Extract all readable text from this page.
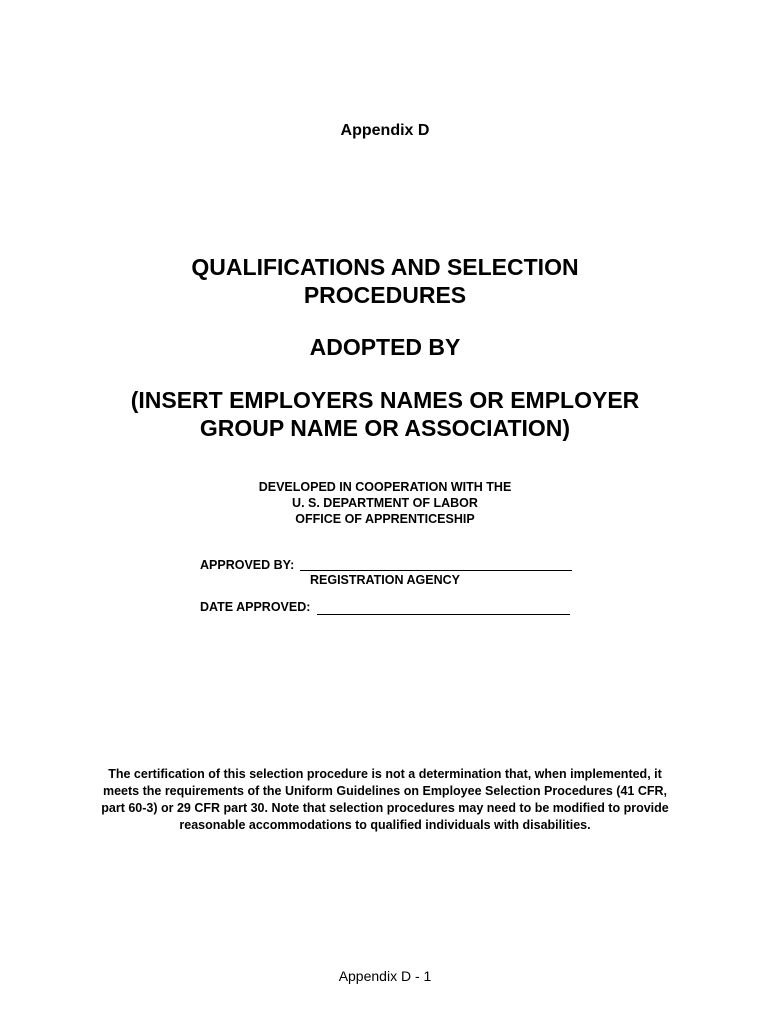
Appendix D
QUALIFICATIONS AND SELECTION
PROCEDURES
ADOPTED BY
(INSERT EMPLOYERS NAMES OR EMPLOYER
GROUP NAME OR ASSOCIATION)
DEVELOPED IN COOPERATION WITH THE
U. S. DEPARTMENT OF LABOR
OFFICE OF APPRENTICESHIP
APPROVED BY:
REGISTRATION AGENCY
DATE APPROVED:
The certification of this selection procedure is not a determination that, when implemented, it
meets the requirements of the Uniform Guidelines on Employee Selection Procedures (41 CFR,
part 60-3) or 29 CFR part 30. Note that selection procedures may need to be modified to provide
reasonable accommodations to qualified individuals with disabilities.
Appendix D - 1
